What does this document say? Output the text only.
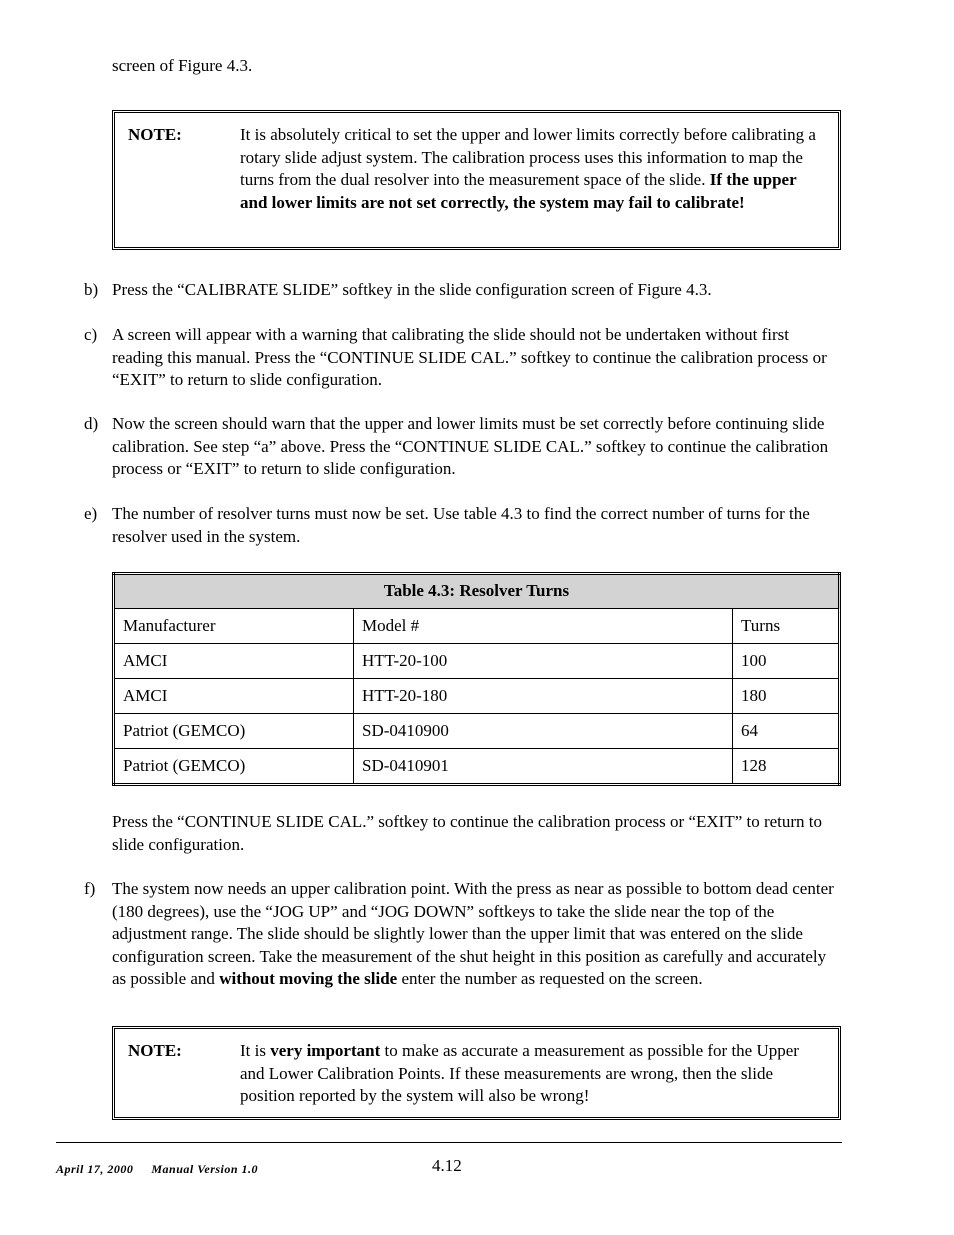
screen of Figure 4.3.
NOTE:	It is absolutely critical to set the upper and lower limits correctly before calibrating a rotary slide adjust system. The calibration process uses this information to map the turns from the dual resolver into the measurement space of the slide. If the upper and lower limits are not set correctly, the system may fail to calibrate!
b) Press the “CALIBRATE SLIDE” softkey in the slide configuration screen of Figure 4.3.
c) A screen will appear with a warning that calibrating the slide should not be undertaken without first reading this manual. Press the “CONTINUE SLIDE CAL.” softkey to continue the calibration process or “EXIT” to return to slide configuration.
d) Now the screen should warn that the upper and lower limits must be set correctly before continuing slide calibration. See step “a” above. Press the “CONTINUE SLIDE CAL.” softkey to continue the calibration process or “EXIT” to return to slide configuration.
e) The number of resolver turns must now be set. Use table 4.3 to find the correct number of turns for the resolver used in the system.
Table 4.3: Resolver Turns		
Manufacturer	Model #	Turns
AMCI	HTT-20-100	100
AMCI	HTT-20-180	180
Patriot (GEMCO)	SD-0410900	64
Patriot (GEMCO)	SD-0410901	128
Press the “CONTINUE SLIDE CAL.” softkey to continue the calibration process or “EXIT” to return to slide configuration.
f) The system now needs an upper calibration point. With the press as near as possible to bottom dead center (180 degrees), use the “JOG UP” and “JOG DOWN” softkeys to take the slide near the top of the adjustment range. The slide should be slightly lower than the upper limit that was entered on the slide configuration screen. Take the measurement of the shut height in this position as carefully and accurately as possible and without moving the slide enter the number as requested on the screen.
NOTE:	It is very important to make as accurate a measurement as possible for the Upper and Lower Calibration Points. If these measurements are wrong, then the slide position reported by the system will also be wrong!
April 17, 2000 Manual Version 1.0	4.12
